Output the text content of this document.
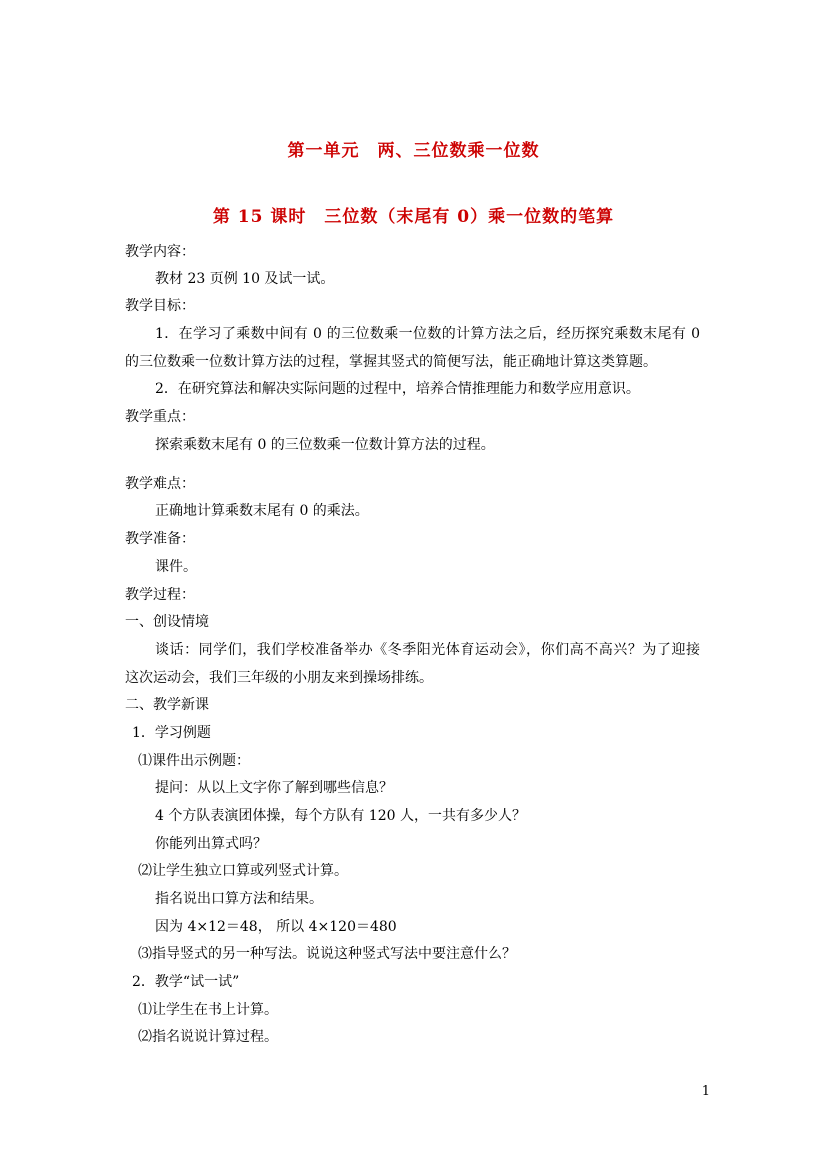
第一单元　两、三位数乘一位数
第 15 课时　三位数（末尾有 0）乘一位数的笔算
教学内容：
教材 23 页例 10 及试一试。
教学目标：
1．在学习了乘数中间有 0 的三位数乘一位数的计算方法之后，经历探究乘数末尾有 0
的三位数乘一位数计算方法的过程，掌握其竖式的简便写法，能正确地计算这类算题。
2．在研究算法和解决实际问题的过程中，培养合情推理能力和数学应用意识。
教学重点：
探索乘数末尾有 0 的三位数乘一位数计算方法的过程。
教学难点：
正确地计算乘数末尾有 0 的乘法。
教学准备：
课件。
教学过程：
一、创设情境
谈话：同学们，我们学校准备举办《冬季阳光体育运动会》，你们高不高兴？为了迎接
这次运动会，我们三年级的小朋友来到操场排练。
二、教学新课
1．学习例题
⑴课件出示例题：
提问：从以上文字你了解到哪些信息？
4 个方队表演团体操，每个方队有 120 人，一共有多少人？
你能列出算式吗？
⑵让学生独立口算或列竖式计算。
指名说出口算方法和结果。
因为 4×12＝48， 所以 4×120＝480
⑶指导竖式的另一种写法。说说这种竖式写法中要注意什么？
2．教学“试一试”
⑴让学生在书上计算。
⑵指名说说计算过程。
1
